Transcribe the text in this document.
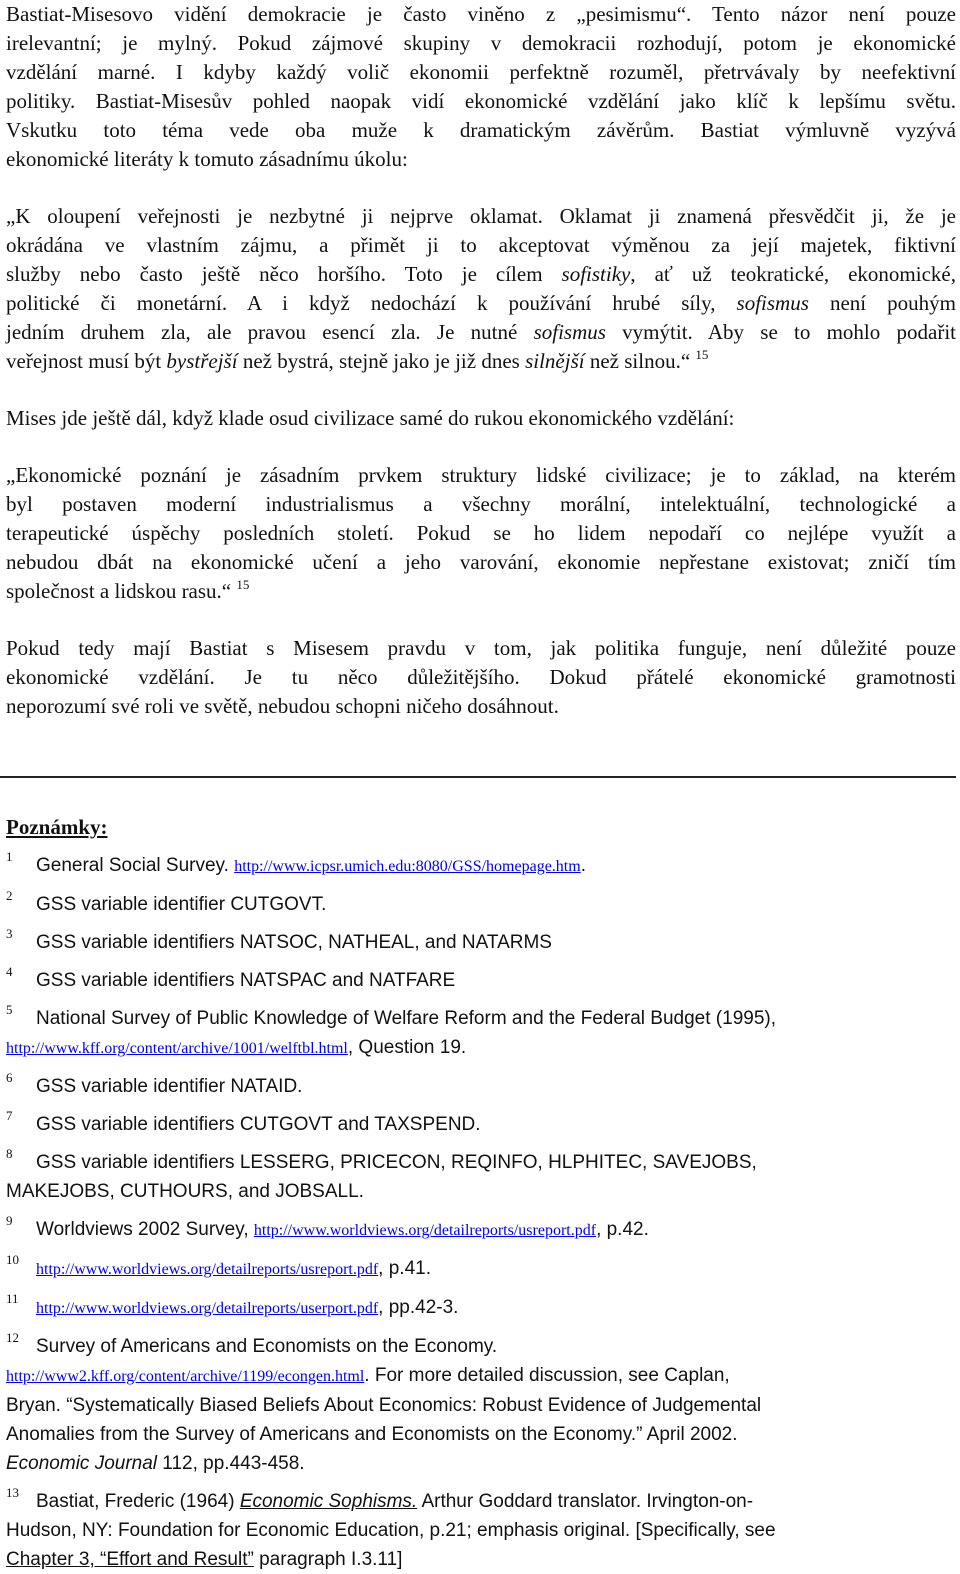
Bastiat-Misesovo vidění demokracie je často viněno z „pesimismu“. Tento názor není pouze
irelevantní; je mylný. Pokud zájmové skupiny v demokracii rozhodují, potom je ekonomické
vzdělání marné. I kdyby každý volič ekonomii perfektně rozuměl, přetrvávaly by neefektivní
politiky. Bastiat-Misesův pohled naopak vidí ekonomické vzdělání jako klíč k lepšímu světu.
Vskutku toto téma vede oba muže k dramatickým závěrům. Bastiat výmluvně vyzývá
ekonomické literáty k tomuto zásadnímu úkolu:
„K oloupení veřejnosti je nezbytné ji nejprve oklamat. Oklamat ji znamená přesvědčit ji, že je
okrádána ve vlastním zájmu, a přimět ji to akceptovat výměnou za její majetek, fiktivní
služby nebo často ještě něco horšího. Toto je cílem sofistiky, ať už teokratické, ekonomické,
politické či monetární. A i když nedochází k používání hrubé síly, sofismus není pouhým
jedním druhem zla, ale pravou esencí zla. Je nutné sofismus vymýtit. Aby se to mohlo podařit
veřejnost musí být bystřejší než bystrá, stejně jako je již dnes silnější než silnou.“ $^{15}$
Mises jde ještě dál, když klade osud civilizace samé do rukou ekonomického vzdělání:
„Ekonomické poznání je zásadním prvkem struktury lidské civilizace; je to základ, na kterém
byl postaven moderní industrialismus a všechny morální, intelektuální, technologické a
terapeutické úspěchy posledních století. Pokud se ho lidem nepodaří co nejlépe využít a
nebudou dbát na ekonomické učení a jeho varování, ekonomie nepřestane existovat; zničí tím
společnost a lidskou rasu.“ $^{15}$
Pokud tedy mají Bastiat s Misesem pravdu v tom, jak politika funguje, není důležité pouze
ekonomické vzdělání. Je tu něco důležitějšího. Dokud přátelé ekonomické gramotnosti
neporozumí své roli ve světě, nebudou schopni ničeho dosáhnout.
Poznámky:

1 General Social Survey. http://www.icpsr.umich.edu:8080/GSS/homepage.htm.

2 GSS variable identifier CUTGOVT.

3 GSS variable identifiers NATSOC, NATHEAL, and NATARMS

4 GSS variable identifiers NATSPAC and NATFARE

5 National Survey of Public Knowledge of Welfare Reform and the Federal Budget (1995),
http://www.kff.org/content/archive/1001/welftbl.html, Question 19.

6 GSS variable identifier NATAID.

7 GSS variable identifiers CUTGOVT and TAXSPEND.

8 GSS variable identifiers LESSERG, PRICECON, REQINFO, HLPHITEC, SAVEJOBS,
MAKEJOBS, CUTHOURS, and JOBSALL.

9 Worldviews 2002 Survey, http://www.worldviews.org/detailreports/usreport.pdf, p.42.

10http://www.worldviews.org/detailreports/usreport.pdf, p.41.

11http://www.worldviews.org/detailreports/userport.pdf, pp.42-3.

12 Survey of Americans and Economists on the Economy.
http://www2.kff.org/content/archive/1199/econgen.html. For more detailed discussion, see Caplan,
Bryan. “Systematically Biased Beliefs About Economics: Robust Evidence of Judgemental
Anomalies from the Survey of Americans and Economists on the Economy.” April 2002.
Economic Journal 112, pp.443-458.

13 Bastiat, Frederic (1964) Economic Sophisms. Arthur Goddard translator. Irvington-on-
Hudson, NY: Foundation for Economic Education, p.21; emphasis original. [Specifically, see
Chapter 3, “Effort and Result” paragraph I.3.11]
